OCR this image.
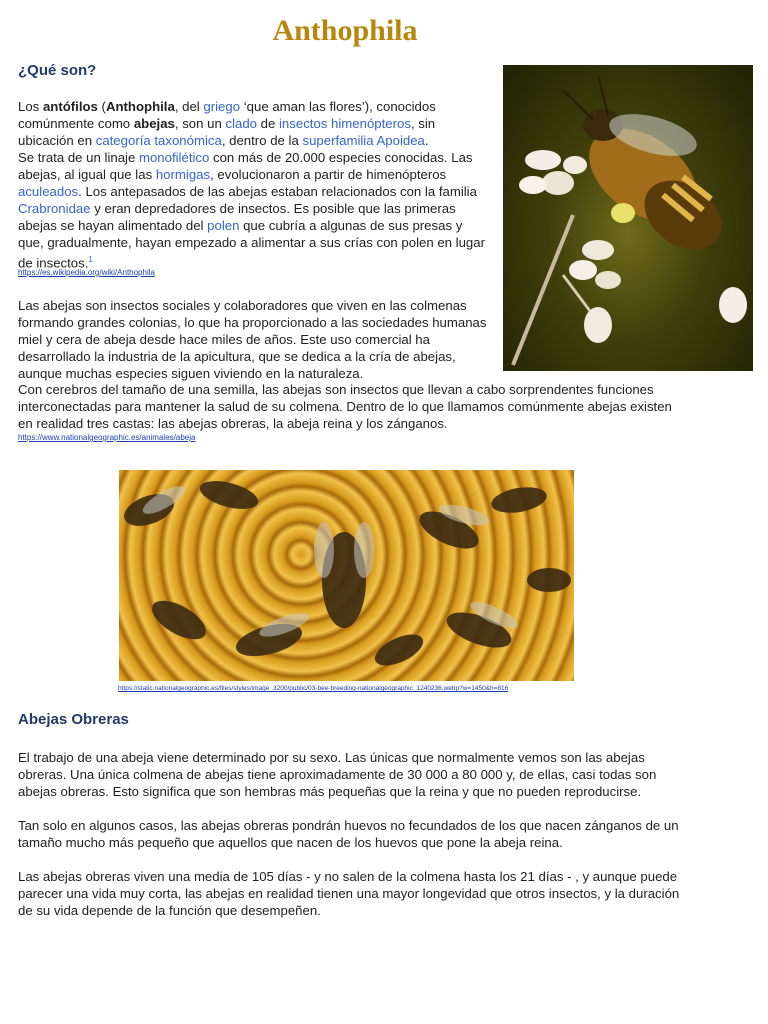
Anthophila
¿Qué son?

Los antófilos (Anthophila, del griego ‘que aman las flores’), conocidos comúnmente como abejas, son un clado de insectos himenópteros, sin ubicación en categoría taxonómica, dentro de la superfamilia Apoidea.
Se trata de un linaje monofilético con más de 20.000 especies conocidas. Las abejas, al igual que las hormigas, evolucionaron a partir de himenópteros aculeados. Los antepasados de las abejas estaban relacionados con la familia Crabronidae y eran depredadores de insectos. Es posible que las primeras abejas se hayan alimentado del polen que cubría a algunas de sus presas y que, gradualmente, hayan empezado a alimentar a sus crías con polen en lugar de insectos.$^1$

https://es.wikipedia.org/wiki/Anthophila

Las abejas son insectos sociales y colaboradores que viven en las colmenas formando grandes colonias, lo que ha proporcionado a las sociedades humanas miel y cera de abeja desde hace miles de años. Este uso comercial ha desarrollado la industria de la apicultura, que se dedica a la cría de abejas, aunque muchas especies siguen viviendo en la naturaleza.

Con cerebros del tamaño de una semilla, las abejas son insectos que llevan a cabo sorprendentes funciones interconectadas para mantener la salud de su colmena. Dentro de lo que llamamos comúnmente abejas existen en realidad tres castas: las abejas obreras, la abeja reina y los zánganos.

https://www.nationalgeographic.es/animales/abeja
https://static.nationalgeographic.es/files/styles/image_3200/public/03-bee-breeding-nationalgeographic_1240236.webp?w=1450&h=816
Abejas Obreras

El trabajo de una abeja viene determinado por su sexo. Las únicas que normalmente vemos son las abejas obreras. Una única colmena de abejas tiene aproximadamente de 30 000 a 80 000 y, de ellas, casi todas son abejas obreras. Esto significa que son hembras más pequeñas que la reina y que no pueden reproducirse.

Tan solo en algunos casos, las abejas obreras pondrán huevos no fecundados de los que nacen zánganos de un tamaño mucho más pequeño que aquellos que nacen de los huevos que pone la abeja reina.

Las abejas obreras viven una media de 105 días - y no salen de la colmena hasta los 21 días - , y aunque puede parecer una vida muy corta, las abejas en realidad tienen una mayor longevidad que otros insectos, y la duración de su vida depende de la función que desempeñen.
